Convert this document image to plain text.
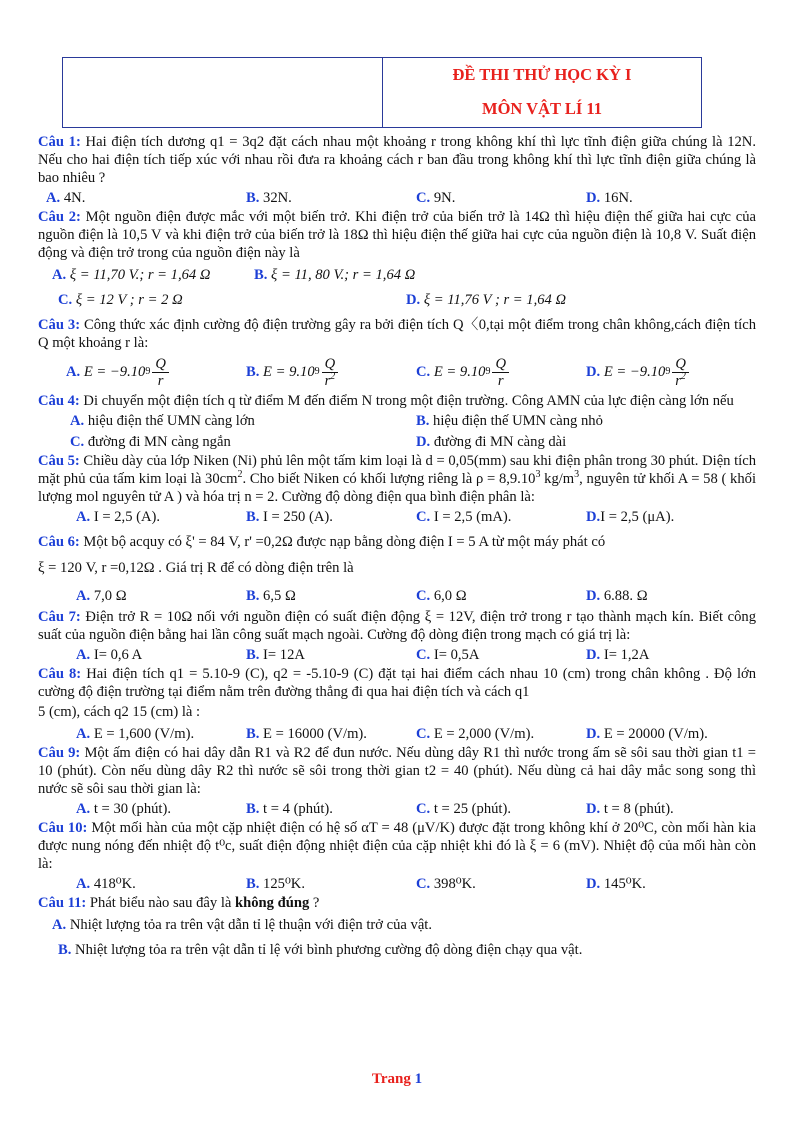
ĐỀ THI THỬ HỌC KỲ I
MÔN VẬT LÍ 11

Câu 1: Hai điện tích dương q1 = 3q2 đặt cách nhau một khoảng r trong không khí thì lực tĩnh điện giữa chúng là 12N. Nếu cho hai điện tích tiếp xúc với nhau rồi đưa ra khoảng cách r ban đầu trong không khí thì lực tĩnh điện giữa chúng là bao nhiêu ?

A. 4N.	B. 32N.	C. 9N.	D. 16N.

Câu 2: Một nguồn điện được mắc với một biến trở. Khi điện trở của biến trở là 14Ω thì hiệu điện thế giữa hai cực của nguồn điện là 10,5 V và khi điện trở của biến trở là 18Ω thì hiệu điện thế giữa hai cực của nguồn điện là 10,8 V. Suất điện động và điện trở trong của nguồn điện này là

A. ξ = 11,70 V.; r = 1,64 Ω	B. ξ = 11, 80 V.; r = 1,64 Ω
C. ξ = 12 V ; r = 2 Ω	D. ξ = 11,76 V ; r = 1,64 Ω

Câu 3: Công thức xác định cường độ điện trường gây ra bởi điện tích Q〈0,tại một điểm trong chân không,cách điện tích Q một khoảng r là:

A.
E = −9.10 $9 \frac{Q}{r}$	B.
E = 9.10 $9 \frac{Q}{r^2}$	C.
E = 9.10 $9 \frac{Q}{r}$	D.
E = −9.10 $9 \frac{Q}{r^2}$

Câu 4: Di chuyển một điện tích q từ điểm M đến điểm N trong một điện trường. Công AMN của lực điện càng lớn nếu

A. hiệu điện thế UMN càng lớn	B. hiệu điện thế UMN càng nhỏ
C. đường đi MN càng ngắn	D. đường đi MN càng dài

Câu 5: Chiều dày của lớp Niken (Ni) phủ lên một tấm kim loại là d = 0,05(mm) sau khi điện phân trong 30 phút. Diện tích mặt phủ của tấm kim loại là $30cm^2$. Cho biết Niken có khối lượng riêng là $\rho = 8,9.10^3$ $kg/m^3$, nguyên tử khối A = 58 ( khối lượng mol nguyên tử A ) và hóa trị n = 2. Cường độ dòng điện qua bình điện phân là:

A. I = 2,5 (A).	B. I = 250 (A).	C. I = 2,5 (mA).	D.I = 2,5 (μA).

Câu 6: Một bộ acquy có ξ' = 84 V, r' =0,2Ω được nạp bằng dòng điện I = 5 A từ một máy phát có

ξ = 120 V, r =0,12Ω . Giá trị R để có dòng điện trên là

A. 7,0 Ω	B. 6,5 Ω	C. 6,0 Ω	D. 6.88. Ω

Câu 7: Điện trở R = 10Ω nối với nguồn điện có suất điện động ξ = 12V, điện trở trong r tạo thành mạch kín. Biết công suất của nguồn điện bằng hai lần công suất mạch ngoài. Cường độ dòng điện trong mạch có giá trị là:

A. I= 0,6 A	B. I= 12A	C. I= 0,5A	D. I= 1,2A

Câu 8: Hai điện tích q1 = 5.10-9 (C), q2 = -5.10-9 (C) đặt tại hai điểm cách nhau 10 (cm) trong chân không . Độ lớn cường độ điện trường tại điểm nằm trên đường thẳng đi qua hai điện tích và cách q1

5 (cm), cách q2 15 (cm) là :

A. E = 1,600 (V/m).	B. E = 16000 (V/m).	C. E = 2,000 (V/m).	D. E = 20000 (V/m).

Câu 9: Một ấm điện có hai dây dẫn R1 và R2 để đun nước. Nếu dùng dây R1 thì nước trong ấm sẽ sôi sau thời gian t1 = 10 (phút). Còn nếu dùng dây R2 thì nước sẽ sôi trong thời gian t2 = 40 (phút). Nếu dùng cả hai dây mắc song song thì nước sẽ sôi sau thời gian là:

A. t = 30 (phút).	B. t = 4 (phút).	C. t = 25 (phút).	D. t = 8 (phút).

Câu 10: Một mối hàn của một cặp nhiệt điện có hệ số αT = 48 (μV/K) được đặt trong không khí ở 20⁰C, còn mối hàn kia được nung nóng đến nhiệt độ t⁰c, suất điện động nhiệt điện của cặp nhiệt khi đó là ξ = 6 (mV). Nhiệt độ của mối hàn còn là:

A. 418⁰K.	B. 125⁰K.	C. 398⁰K.	D. 145⁰K.

Câu 11: Phát biểu nào sau đây là không đúng ?

A. Nhiệt lượng tỏa ra trên vật dẫn tỉ lệ thuận với điện trở của vật.
B. Nhiệt lượng tỏa ra trên vật dẫn tỉ lệ với bình phương cường độ dòng điện chạy qua vật.
Trang 1
